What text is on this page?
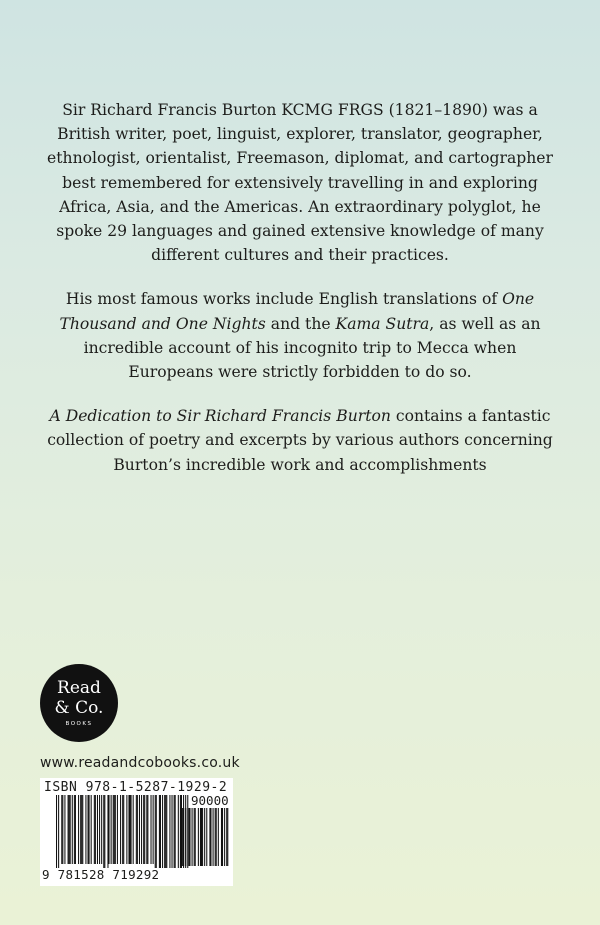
Sir Richard Francis Burton KCMG FRGS (1821–1890) was a British writer, poet, linguist, explorer, translator, geographer, ethnologist, orientalist, Freemason, diplomat, and cartographer best remembered for extensively travelling in and exploring Africa, Asia, and the Americas. An extraordinary polyglot, he spoke 29 languages and gained extensive knowledge of many different cultures and their practices.

His most famous works include English translations of One Thousand and One Nights and the Kama Sutra, as well as an incredible account of his incognito trip to Mecca when Europeans were strictly forbidden to do so.

A Dedication to Sir Richard Francis Burton contains a fantastic collection of poetry and excerpts by various authors concerning Burton’s incredible work and accomplishments

Read
& Co.
BOOKS
www.readandcobooks.co.uk
ISBN 978-1-5287-1929-2
90000
9 781528 719292
